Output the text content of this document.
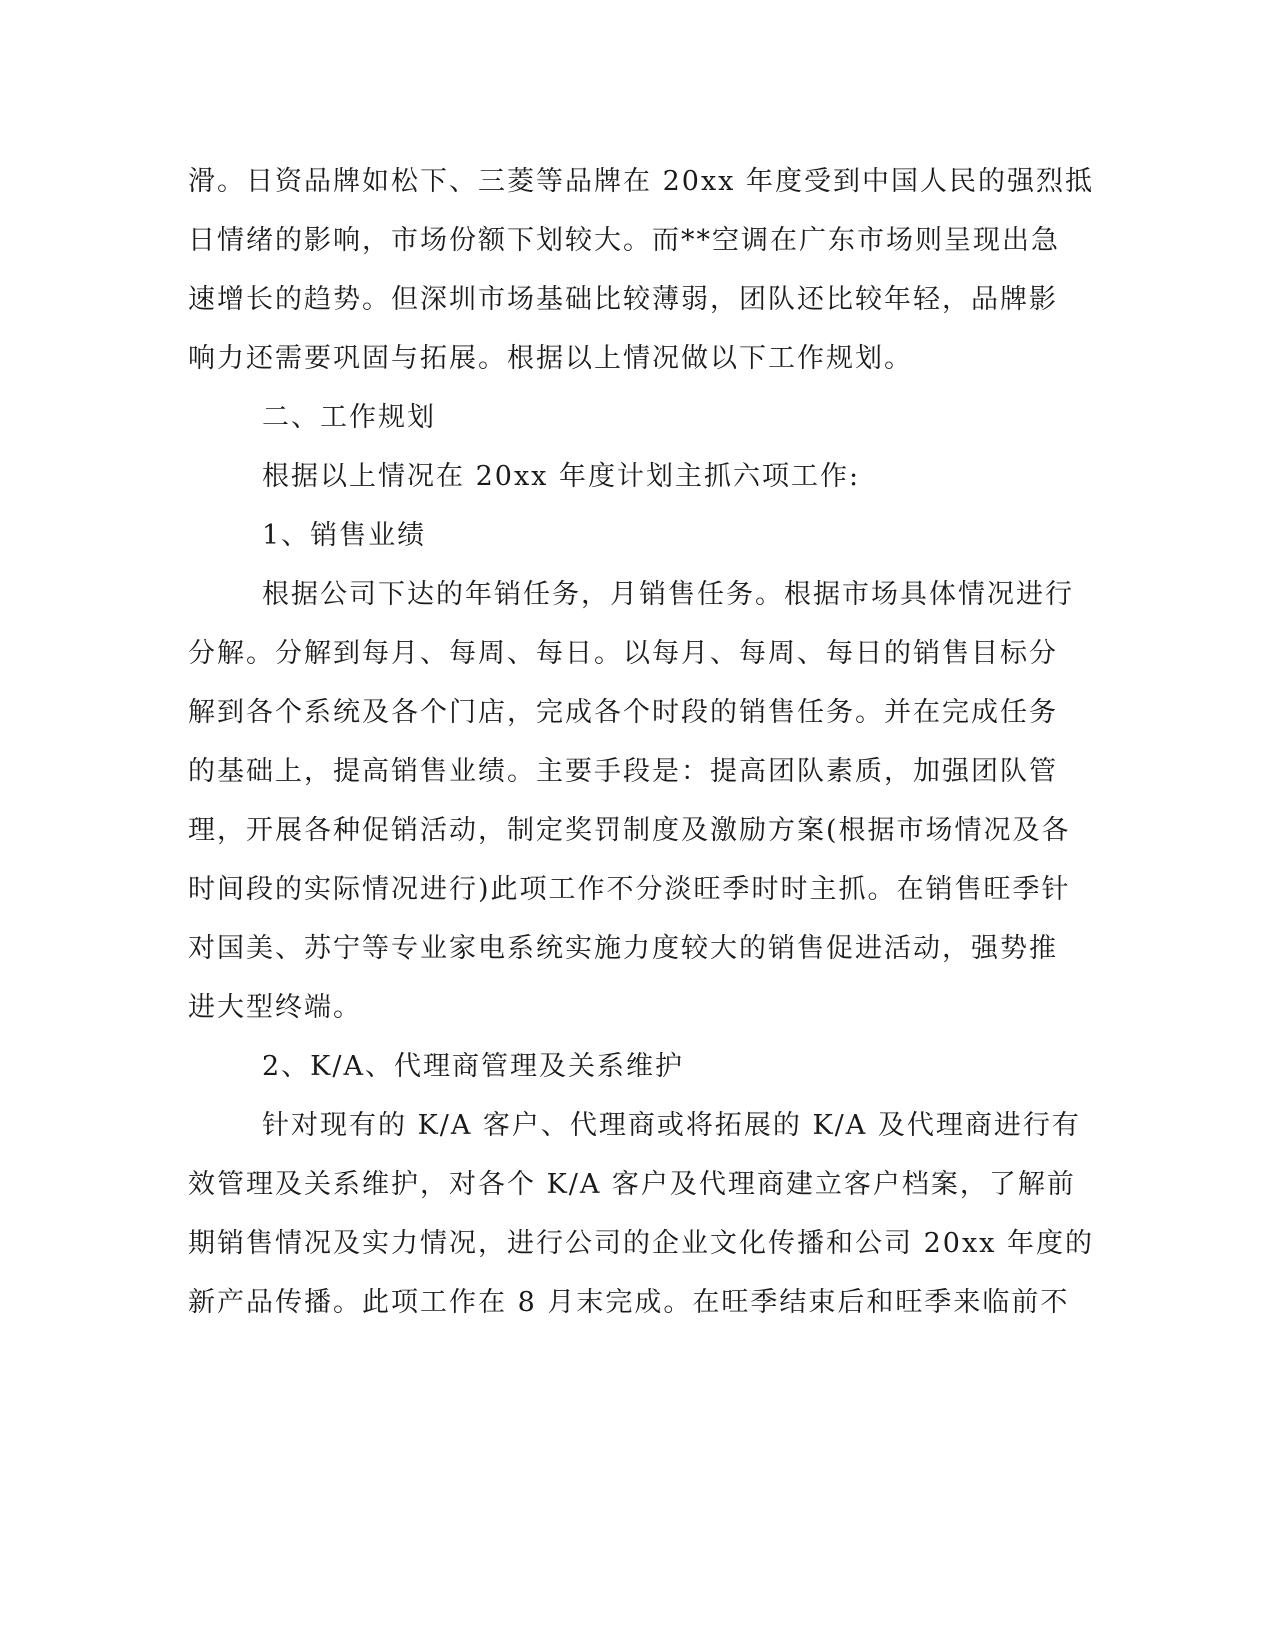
滑。日资品牌如松下、三菱等品牌在 20xx 年度受到中国人民的强烈抵
日情绪的影响，市场份额下划较大。而**空调在广东市场则呈现出急
速增长的趋势。但深圳市场基础比较薄弱，团队还比较年轻，品牌影
响力还需要巩固与拓展。根据以上情况做以下工作规划。
二、工作规划
根据以上情况在 20xx 年度计划主抓六项工作:
1、销售业绩
根据公司下达的年销任务，月销售任务。根据市场具体情况进行
分解。分解到每月、每周、每日。以每月、每周、每日的销售目标分
解到各个系统及各个门店，完成各个时段的销售任务。并在完成任务
的基础上，提高销售业绩。主要手段是：提高团队素质，加强团队管
理，开展各种促销活动，制定奖罚制度及激励方案(根据市场情况及各
时间段的实际情况进行)此项工作不分淡旺季时时主抓。在销售旺季针
对国美、苏宁等专业家电系统实施力度较大的销售促进活动，强势推
进大型终端。
2、K/A、代理商管理及关系维护
针对现有的 K/A 客户、代理商或将拓展的 K/A 及代理商进行有
效管理及关系维护，对各个 K/A 客户及代理商建立客户档案，了解前
期销售情况及实力情况，进行公司的企业文化传播和公司 20xx 年度的
新产品传播。此项工作在 8 月末完成。在旺季结束后和旺季来临前不
